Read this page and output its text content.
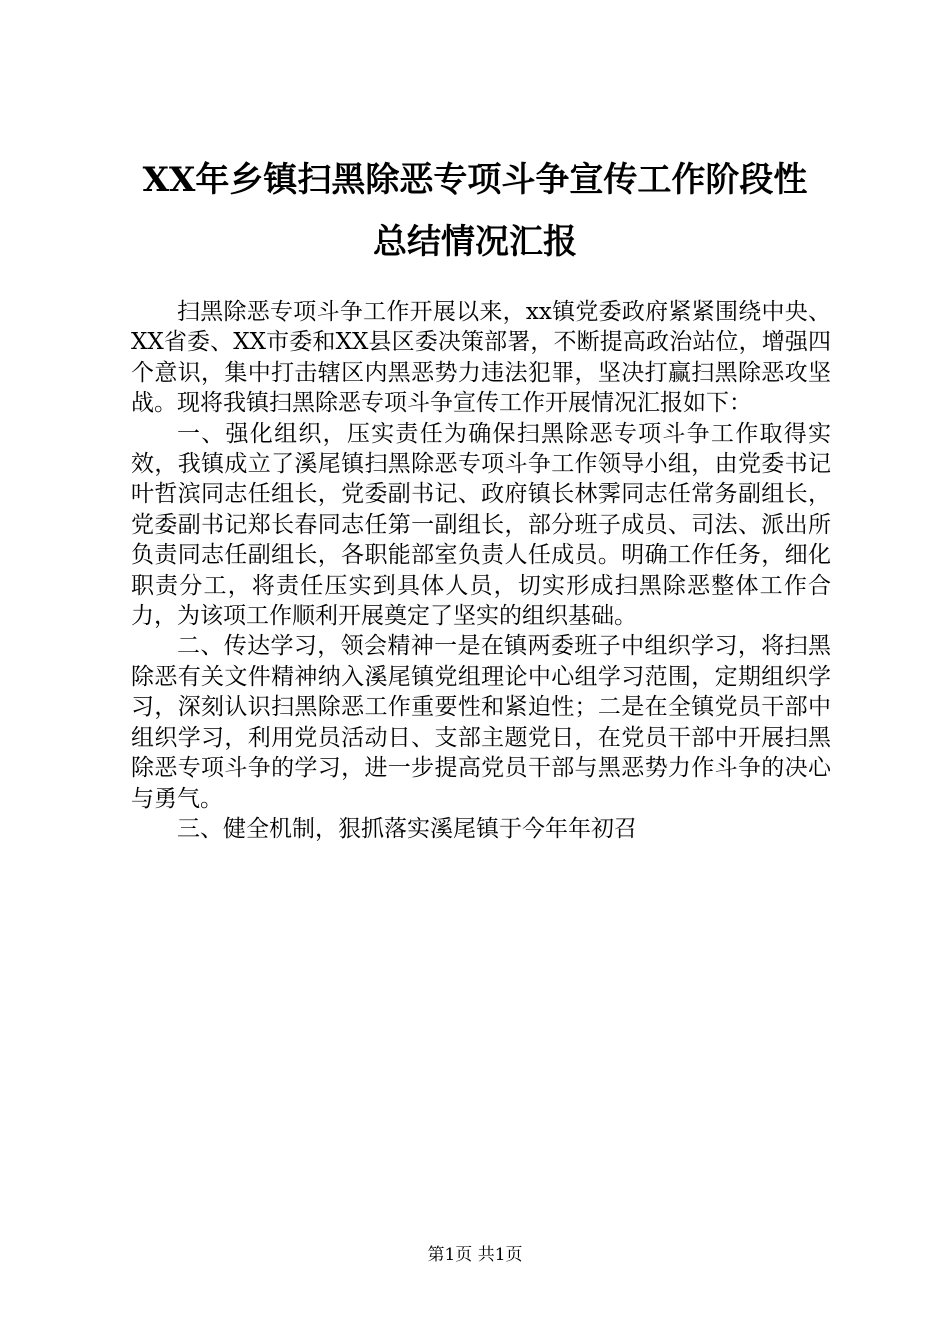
XX年乡镇扫黑除恶专项斗争宣传工作阶段性
总结情况汇报

扫黑除恶专项斗争工作开展以来，xx镇党委政府紧紧围绕中央、XX省委、XX市委和XX县区委决策部署，不断提高政治站位，增强四个意识，集中打击辖区内黑恶势力违法犯罪，坚决打赢扫黑除恶攻坚战。现将我镇扫黑除恶专项斗争宣传工作开展情况汇报如下：

一、强化组织，压实责任为确保扫黑除恶专项斗争工作取得实效，我镇成立了溪尾镇扫黑除恶专项斗争工作领导小组，由党委书记叶哲滨同志任组长，党委副书记、政府镇长林霁同志任常务副组长，党委副书记郑长春同志任第一副组长，部分班子成员、司法、派出所负责同志任副组长，各职能部室负责人任成员。明确工作任务，细化职责分工，将责任压实到具体人员，切实形成扫黑除恶整体工作合力，为该项工作顺利开展奠定了坚实的组织基础。

二、传达学习，领会精神一是在镇两委班子中组织学习，将扫黑除恶有关文件精神纳入溪尾镇党组理论中心组学习范围，定期组织学习，深刻认识扫黑除恶工作重要性和紧迫性；二是在全镇党员干部中组织学习，利用党员活动日、支部主题党日，在党员干部中开展扫黑除恶专项斗争的学习，进一步提高党员干部与黑恶势力作斗争的决心与勇气。

三、健全机制，狠抓落实溪尾镇于今年年初召

第1页 共1页
